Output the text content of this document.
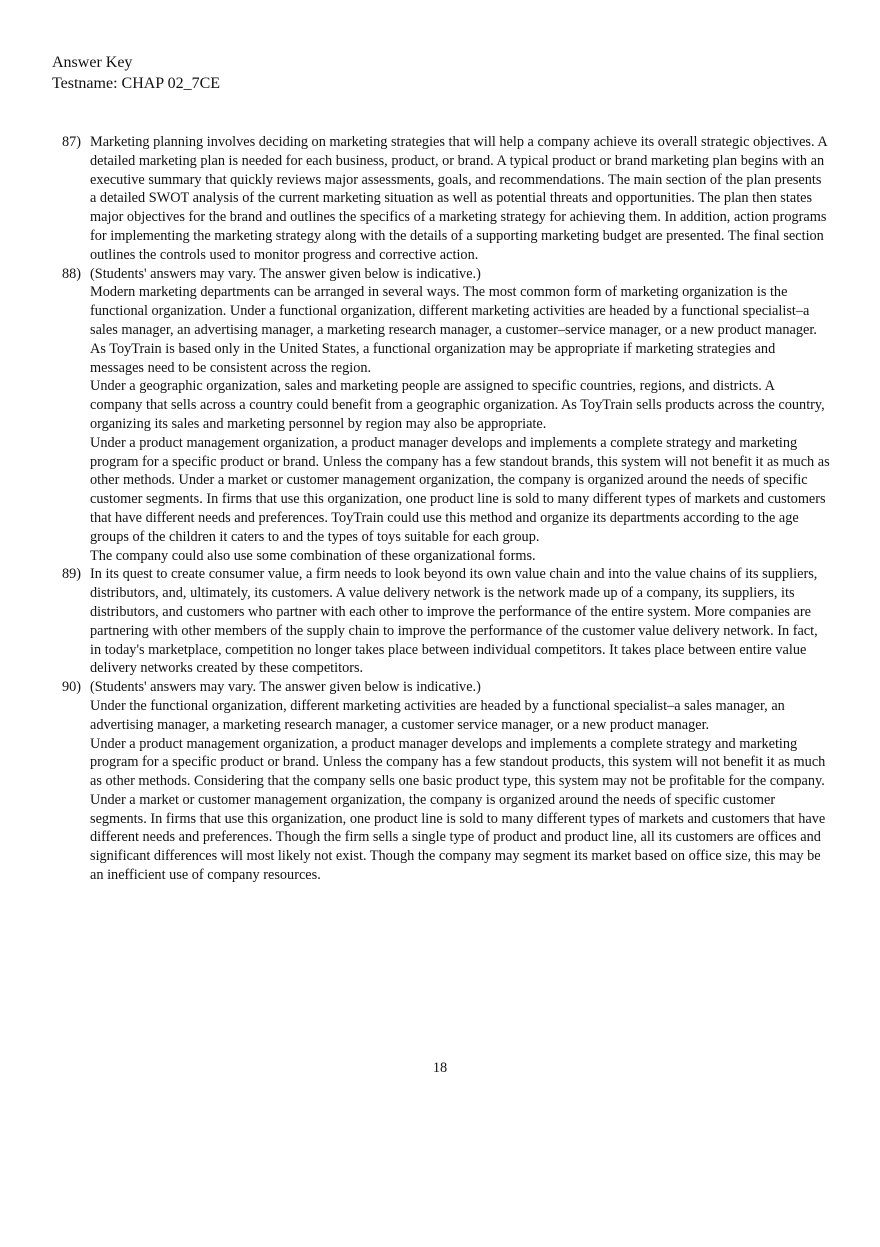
Answer Key
Testname: CHAP 02_7CE
87) Marketing planning involves deciding on marketing strategies that will help a company achieve its overall strategic objectives. A detailed marketing plan is needed for each business, product, or brand. A typical product or brand marketing plan begins with an executive summary that quickly reviews major assessments, goals, and recommendations. The main section of the plan presents a detailed SWOT analysis of the current marketing situation as well as potential threats and opportunities. The plan then states major objectives for the brand and outlines the specifics of a marketing strategy for achieving them. In addition, action programs for implementing the marketing strategy along with the details of a supporting marketing budget are presented. The final section outlines the controls used to monitor progress and corrective action.

88) (Students' answers may vary. The answer given below is indicative.)

Modern marketing departments can be arranged in several ways. The most common form of marketing organization is the functional organization. Under a functional organization, different marketing activities are headed by a functional specialist–a sales manager, an advertising manager, a marketing research manager, a customer–service manager, or a new product manager. As ToyTrain is based only in the United States, a functional organization may be appropriate if marketing strategies and messages need to be consistent across the region.

Under a geographic organization, sales and marketing people are assigned to specific countries, regions, and districts. A company that sells across a country could benefit from a geographic organization. As ToyTrain sells products across the country, organizing its sales and marketing personnel by region may also be appropriate.

Under a product management organization, a product manager develops and implements a complete strategy and marketing program for a specific product or brand. Unless the company has a few standout brands, this system will not benefit it as much as other methods. Under a market or customer management organization, the company is organized around the needs of specific customer segments. In firms that use this organization, one product line is sold to many different types of markets and customers that have different needs and preferences. ToyTrain could use this method and organize its departments according to the age groups of the children it caters to and the types of toys suitable for each group.

The company could also use some combination of these organizational forms.

89) In its quest to create consumer value, a firm needs to look beyond its own value chain and into the value chains of its suppliers, distributors, and, ultimately, its customers. A value delivery network is the network made up of a company, its suppliers, its distributors, and customers who partner with each other to improve the performance of the entire system. More companies are partnering with other members of the supply chain to improve the performance of the customer value delivery network. In fact, in today's marketplace, competition no longer takes place between individual competitors. It takes place between entire value delivery networks created by these competitors.

90) (Students' answers may vary. The answer given below is indicative.)

Under the functional organization, different marketing activities are headed by a functional specialist–a sales manager, an advertising manager, a marketing research manager, a customer service manager, or a new product manager.

Under a product management organization, a product manager develops and implements a complete strategy and marketing program for a specific product or brand. Unless the company has a few standout products, this system will not benefit it as much as other methods. Considering that the company sells one basic product type, this system may not be profitable for the company. Under a market or customer management organization, the company is organized around the needs of specific customer segments. In firms that use this organization, one product line is sold to many different types of markets and customers that have different needs and preferences. Though the firm sells a single type of product and product line, all its customers are offices and significant differences will most likely not exist. Though the company may segment its market based on office size, this may be an inefficient use of company resources.

18
